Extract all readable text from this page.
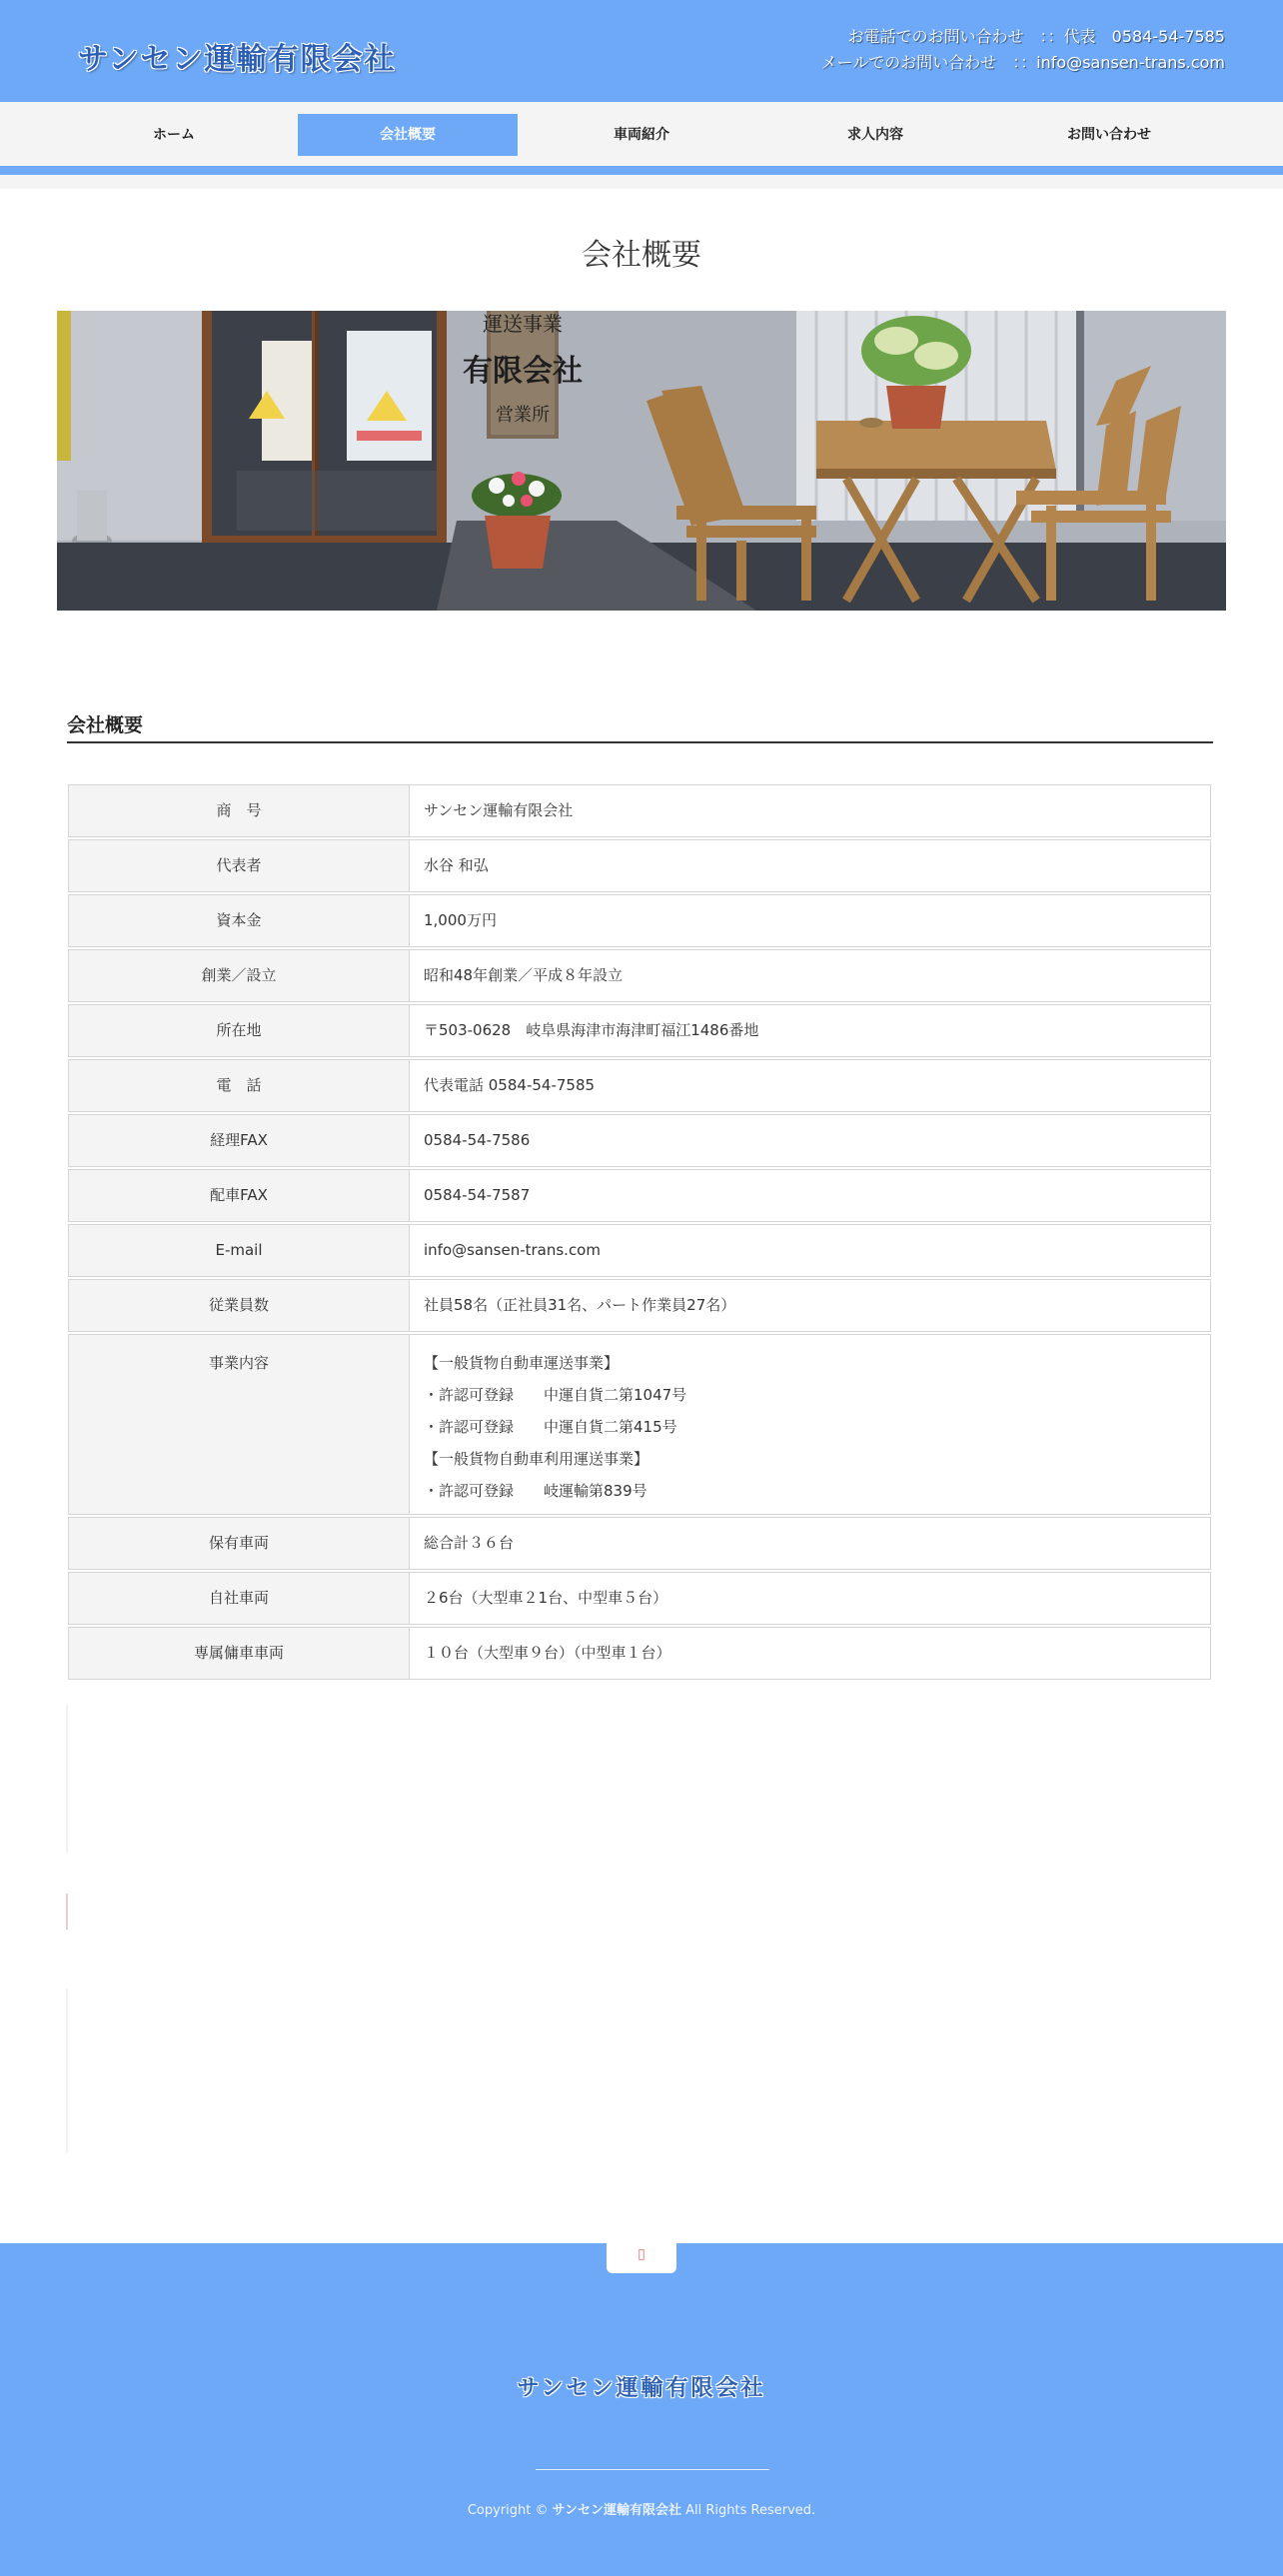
サンセン運輸有限会社
お電話でのお問い合わせ　：：代表　0584-54-7585
メールでのお問い合わせ　：：info@sansen-trans.com
ホーム	会社概要	車両紹介	求人内容	お問い合わせ
会社概要
運送事業
有限会社
営業所
会社概要
商　号	サンセン運輸有限会社
代表者	水谷 和弘
資本金	1,000万円
創業／設立	昭和48年創業／平成８年設立
所在地	〒503-0628　岐阜県海津市海津町福江1486番地
電　話	代表電話 0584-54-7585
経理FAX	0584-54-7586
配車FAX	0584-54-7587
E-mail	info@sansen-trans.com
従業員数	社員58名（正社員31名、パート作業員27名）
事業内容	【一般貨物自動車運送事業】
・許認可登録　　中運自貨二第1047号
・許認可登録　　中運自貨二第415号
【一般貨物自動車利用運送事業】
・許認可登録　　岐運輸第839号
保有車両	総合計３６台
自社車両	２6台（大型車２1台、中型車５台）
専属傭車車両	１０台（大型車９台）（中型車１台）
▯
サンセン運輸有限会社
Copyright © サンセン運輸有限会社 All Rights Reserved.
